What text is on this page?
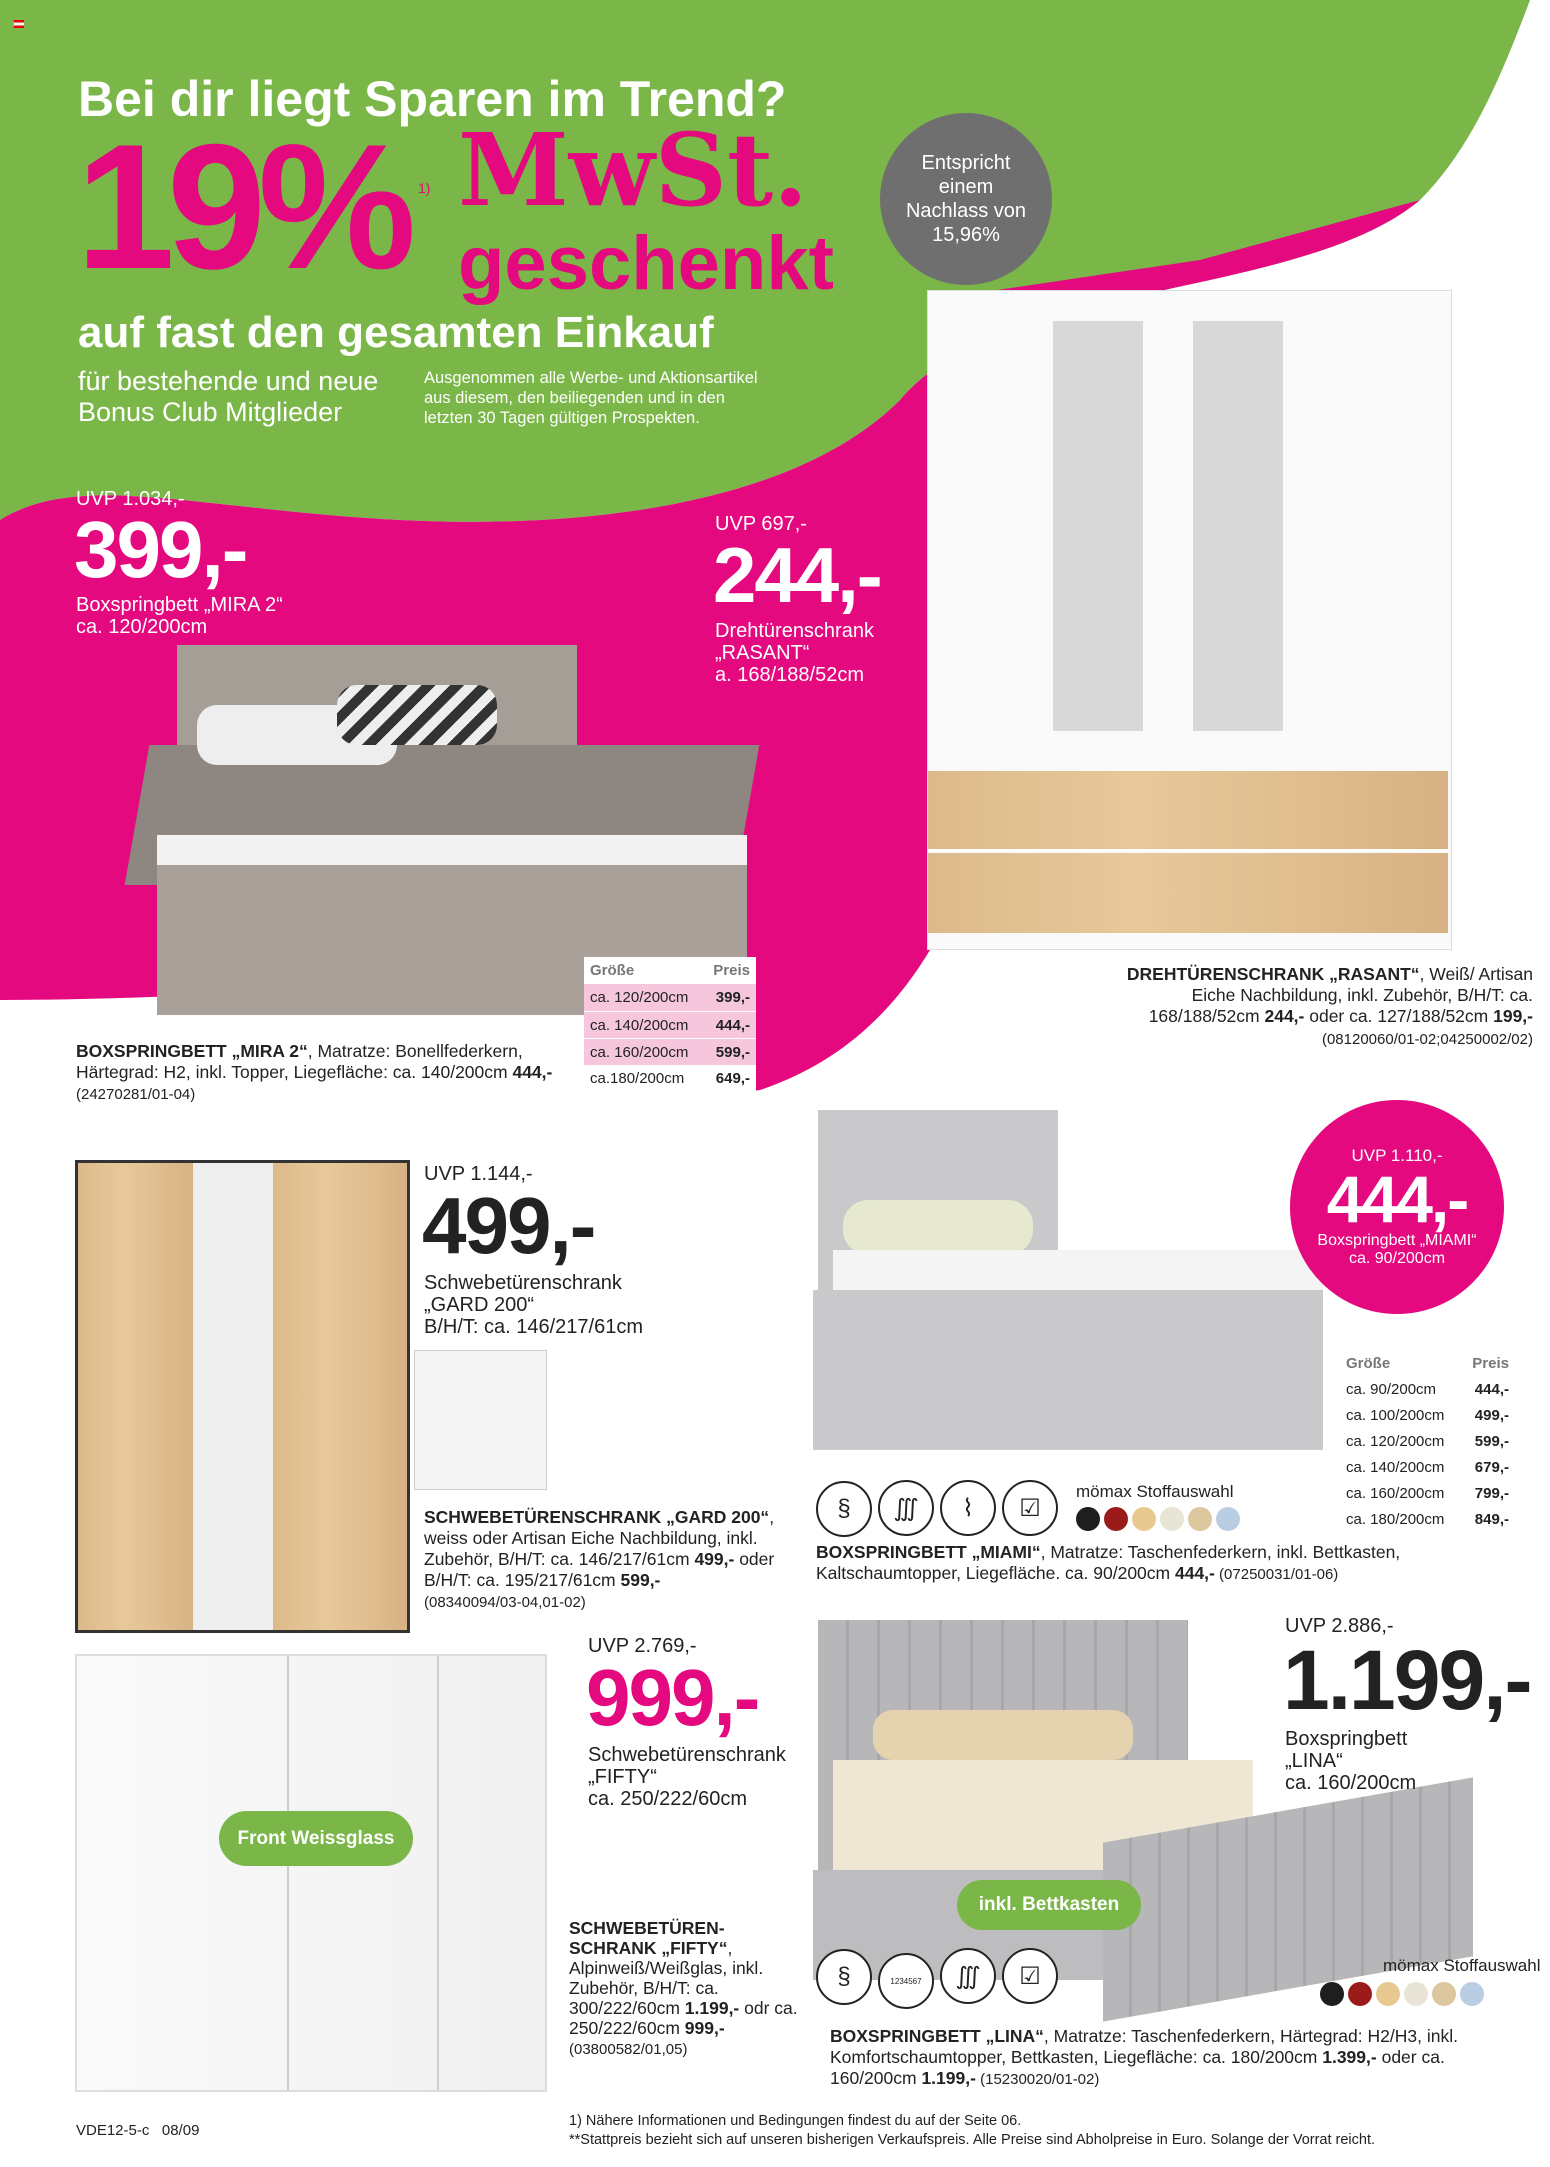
Bei dir liegt Sparen im Trend?
19% 1) MwSt.
geschenkt
auf fast den gesamten Einkauf
für bestehende und neue
Bonus Club Mitglieder
Ausgenommen alle Werbe- und Aktionsartikel
aus diesem, den beiliegenden und in den
letzten 30 Tagen gültigen Prospekten.
Entspricht
einem
Nachlass von
15,96%
UVP 1.034,-
399,-
Boxspringbett „MIRA 2“
ca. 120/200cm
Größe	Preis
ca. 120/200cm 399,-
ca. 140/200cm 444,-
ca. 160/200cm 599,-
ca.180/200cm 649,-
BOXSPRINGBETT „MIRA 2“, Matratze: Bonellfederkern, Härtegrad: H2, inkl. Topper, Liegefläche: ca. 140/200cm 444,-
(24270281/01-04)
UVP 697,-
244,-
Drehtürenschrank
„RASANT“
a. 168/188/52cm
DREHTÜRENSCHRANK „RASANT“, Weiß/ Artisan Eiche Nachbildung, inkl. Zubehör, B/H/T: ca. 168/188/52cm 244,- oder ca. 127/188/52cm 199,- (08120060/01-02;04250002/02)
UVP 1.144,-
499,-
Schwebetürenschrank
„GARD 200“
B/H/T: ca. 146/217/61cm
SCHWEBETÜRENSCHRANK „GARD 200“, weiss oder Artisan Eiche Nachbildung, inkl. Zubehör, B/H/T: ca. 146/217/61cm 499,- oder B/H/T: ca. 195/217/61cm 599,-
(08340094/03-04,01-02)
UVP 1.110,-
444,-
Boxspringbett „MIAMI“
ca. 90/200cm
Größe	Preis
ca. 90/200cm	444,-
ca. 100/200cm 499,-
ca. 120/200cm 599,-
ca. 140/200cm 679,-
ca. 160/200cm 799,-
ca. 180/200cm 849,-
§ ∭ ⌇ ☑
mömax Stoffauswahl
BOXSPRINGBETT „MIAMI“, Matratze: Taschenfederkern, inkl. Bettkasten, Kaltschaumtopper, Liegefläche. ca. 90/200cm 444,- (07250031/01-06)
Front Weissglass
UVP 2.769,-
999,-
Schwebetürenschrank
„FIFTY“
ca. 250/222/60cm
SCHWEBETÜREN-
SCHRANK „FIFTY“, Alpinweiß/Weißglas, inkl. Zubehör, B/H/T: ca. 300/222/60cm 1.199,- odr ca. 250/222/60cm 999,-
(03800582/01,05)
inkl. Bettkasten
UVP 2.886,-
1.199,-
Boxspringbett
„LINA“
ca. 160/200cm
§	1234567 ∭ ☑	mömax Stoffauswahl
BOXSPRINGBETT „LINA“, Matratze: Taschenfederkern, Härtegrad: H2/H3, inkl. Komfortschaumtopper, Bettkasten, Liegefläche: ca. 180/200cm 1.399,- oder ca. 160/200cm 1.199,- (15230020/01-02)
VDE12-5-c 08/09
1) Nähere Informationen und Bedingungen findest du auf der Seite 06.
**Stattpreis bezieht sich auf unseren bisherigen Verkaufspreis. Alle Preise sind Abholpreise in Euro. Solange der Vorrat reicht.
